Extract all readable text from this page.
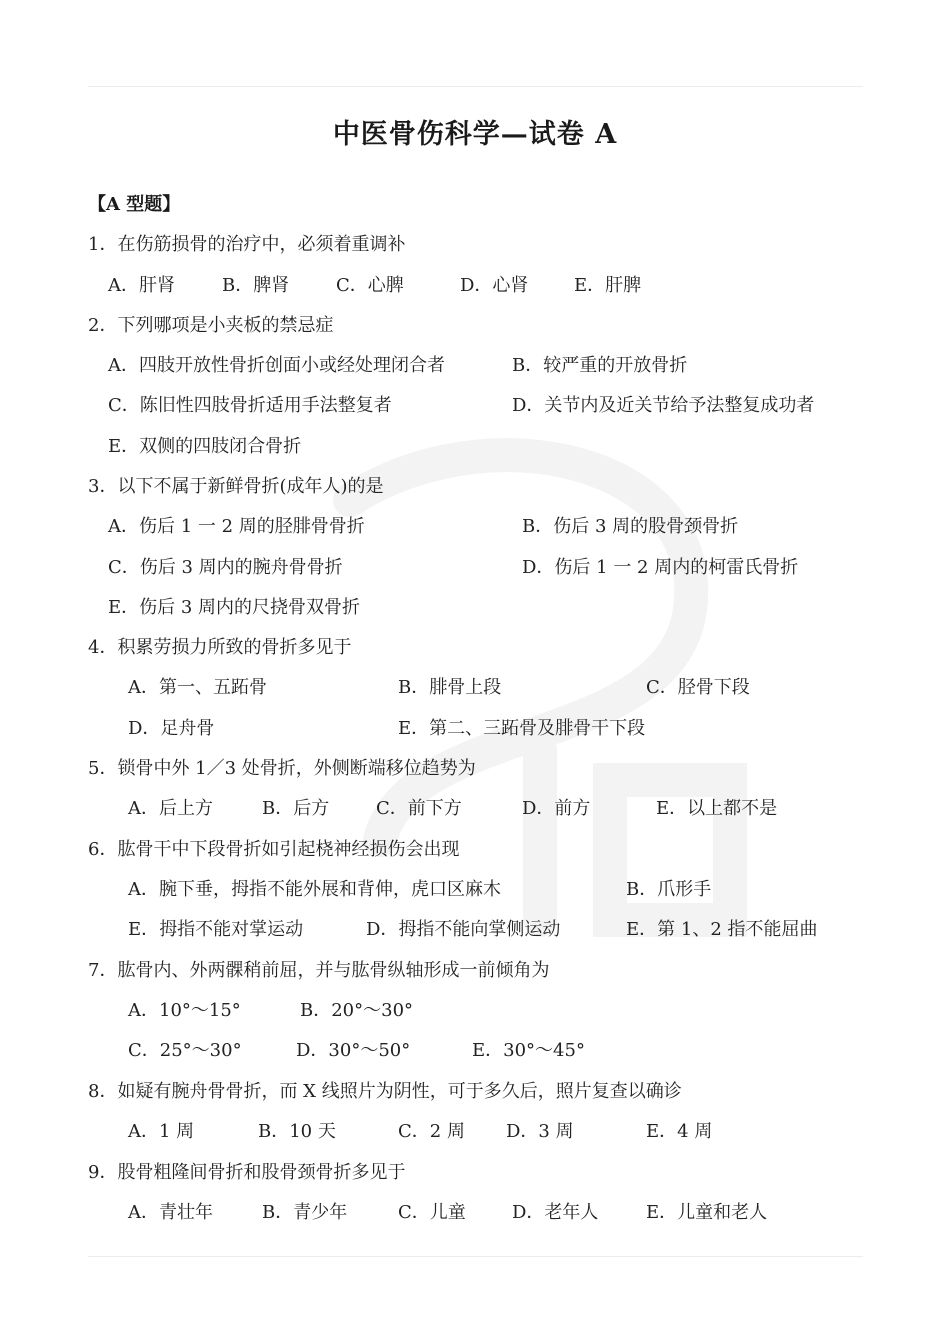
中医骨伤科学—试卷 A
【A 型题】
1．在伤筋损骨的治疗中，必须着重调补
A．肝肾	B．脾肾	C．心脾	D．心肾	E．肝脾
2．下列哪项是小夹板的禁忌症
A．四肢开放性骨折创面小或经处理闭合者	B．较严重的开放骨折
C．陈旧性四肢骨折适用手法整复者	D．关节内及近关节给予法整复成功者
E．双侧的四肢闭合骨折
3．以下不属于新鲜骨折(成年人)的是
A．伤后 1 一 2 周的胫腓骨骨折	B．伤后 3 周的股骨颈骨折
C．伤后 3 周内的腕舟骨骨折	D．伤后 1 一 2 周内的柯雷氏骨折
E．伤后 3 周内的尺挠骨双骨折
4．积累劳损力所致的骨折多见于
A．第一、五跖骨	B．腓骨上段	C．胫骨下段
D．足舟骨	E．第二、三跖骨及腓骨干下段
5．锁骨中外 1／3 处骨折，外侧断端移位趋势为
A．后上方	B．后方	C．前下方	D．前方	E．以上都不是
6．肱骨干中下段骨折如引起桡神经损伤会出现
A．腕下垂，拇指不能外展和背伸，虎口区麻木	B．爪形手
E．拇指不能对掌运动	D．拇指不能向掌侧运动	E．第 1、2 指不能屈曲
7．肱骨内、外两髁稍前屈，并与肱骨纵轴形成一前倾角为
A．10°～15°	B．20°～30°
C．25°～30°	D．30°～50°	E．30°～45°
8．如疑有腕舟骨骨折，而 X 线照片为阴性，可于多久后，照片复查以确诊
A．1 周	B．10 天	C．2 周 D．3 周	E．4 周
9．股骨粗隆间骨折和股骨颈骨折多见于
A．青壮年	B．青少年	C．儿童	D．老年人	E．儿童和老人
